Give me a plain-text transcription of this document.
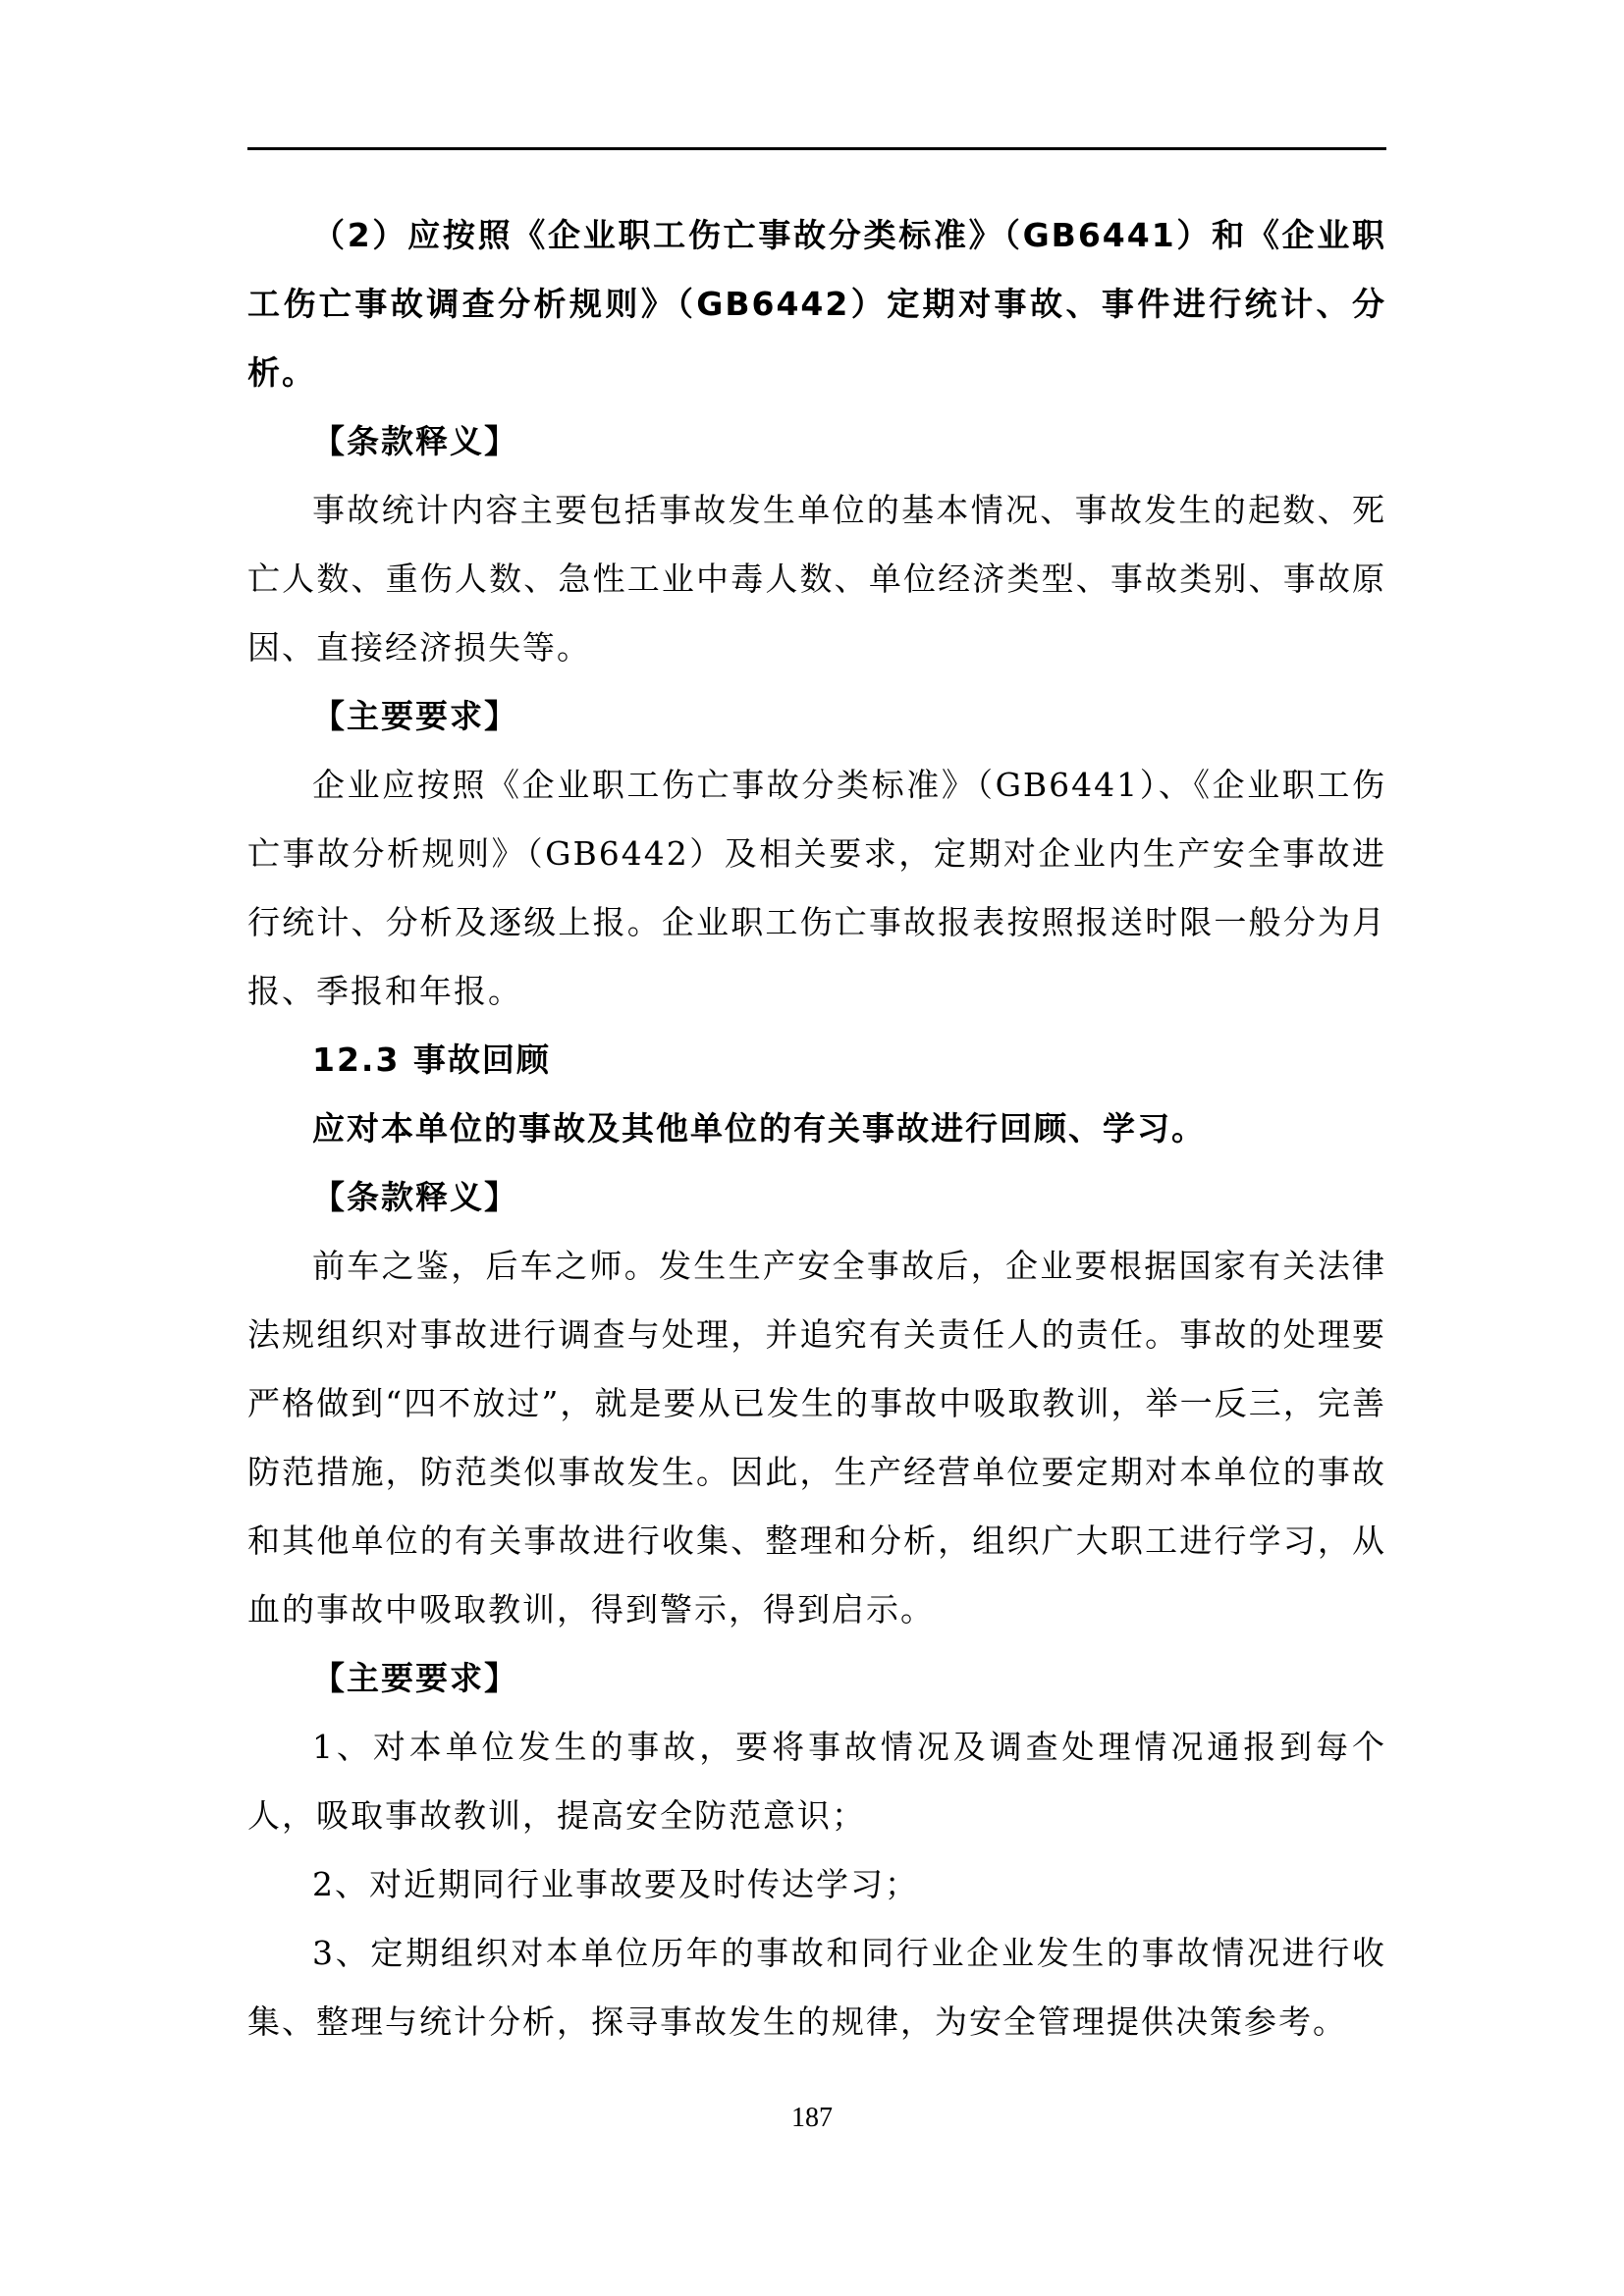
（2）应按照《企业职工伤亡事故分类标准》（GB6441）和《企业职工伤亡事故调查分析规则》（GB6442）定期对事故、事件进行统计、分析。

【条款释义】

事故统计内容主要包括事故发生单位的基本情况、事故发生的起数、死亡人数、重伤人数、急性工业中毒人数、单位经济类型、事故类别、事故原因、直接经济损失等。

【主要要求】

企业应按照《企业职工伤亡事故分类标准》（GB6441）、《企业职工伤亡事故分析规则》（GB6442）及相关要求，定期对企业内生产安全事故进行统计、分析及逐级上报。企业职工伤亡事故报表按照报送时限一般分为月报、季报和年报。

12.3 事故回顾

应对本单位的事故及其他单位的有关事故进行回顾、学习。

【条款释义】

前车之鉴，后车之师。发生生产安全事故后，企业要根据国家有关法律法规组织对事故进行调查与处理，并追究有关责任人的责任。事故的处理要严格做到“四不放过”，就是要从已发生的事故中吸取教训，举一反三，完善防范措施，防范类似事故发生。因此，生产经营单位要定期对本单位的事故和其他单位的有关事故进行收集、整理和分析，组织广大职工进行学习，从血的事故中吸取教训，得到警示，得到启示。

【主要要求】

1、对本单位发生的事故，要将事故情况及调查处理情况通报到每个人，吸取事故教训，提高安全防范意识；

2、对近期同行业事故要及时传达学习；

3、定期组织对本单位历年的事故和同行业企业发生的事故情况进行收集、整理与统计分析，探寻事故发生的规律，为安全管理提供决策参考。

187
